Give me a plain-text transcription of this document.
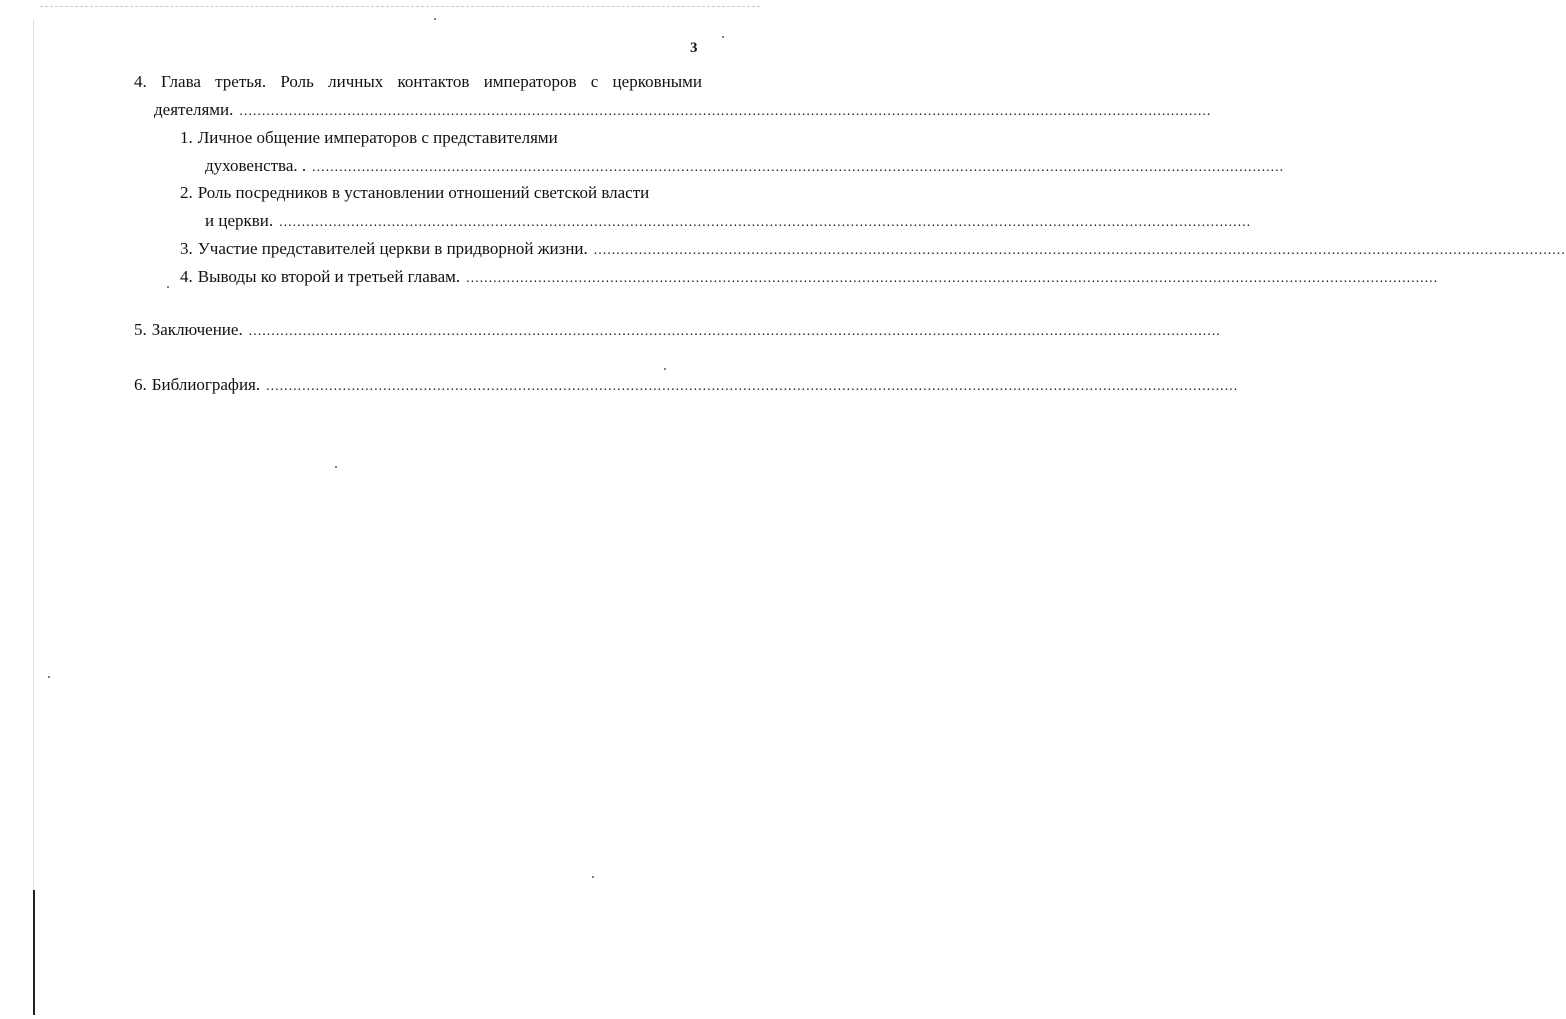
3
4. Глава третья. Роль личных контактов императоров с церковными
деятелями. ........................................................................................................................................................................................................................
1. Личное общение императоров с представителями
духовенства. . ........................................................................................................................................................................................................................
2. Роль посредников в установлении отношений светской власти
и церкви. ........................................................................................................................................................................................................................
3. Участие представителей церкви в придворной жизни. ........................................................................................................................................................................................................................
4. Выводы ко второй и третьей главам. ........................................................................................................................................................................................................................
5. Заключение. ........................................................................................................................................................................................................................
6. Библиография. ........................................................................................................................................................................................................................
